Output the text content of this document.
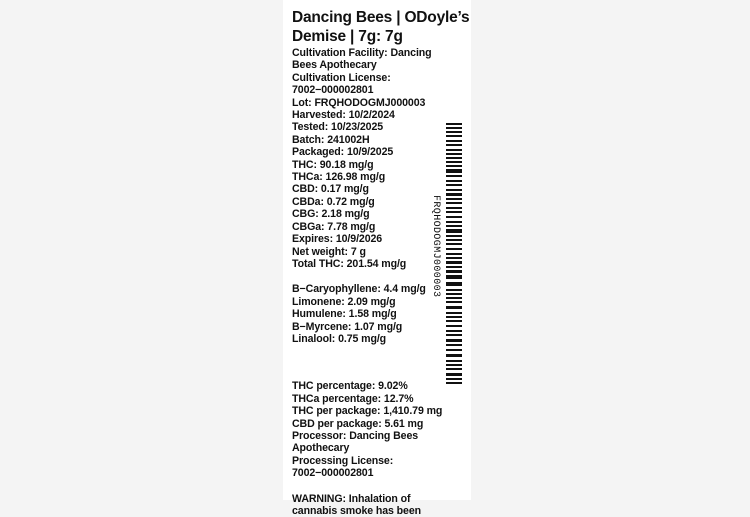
Dancing Bees | ODoyle’s
Demise | 7g: 7g
Cultivation Facility: Dancing
Bees Apothecary
Cultivation License:
7002−000002801
Lot: FRQHODOGMJ000003
Harvested: 10/2/2024
Tested: 10/23/2025
Batch: 241002H
Packaged: 10/9/2025
THC: 90.18 mg/g
THCa: 126.98 mg/g
CBD: 0.17 mg/g
CBDa: 0.72 mg/g
CBG: 2.18 mg/g
CBGa: 7.78 mg/g
Expires: 10/9/2026
Net weight: 7 g
Total THC: 201.54 mg/g
B−Caryophyllene: 4.4 mg/g
Limonene: 2.09 mg/g
Humulene: 1.58 mg/g
B−Myrcene: 1.07 mg/g
Linalool: 0.75 mg/g
THC percentage: 9.02%
THCa percentage: 12.7%
THC per package: 1,410.79 mg
CBD per package: 5.61 mg
Processor: Dancing Bees
Apothecary
Processing License:
7002−000002801
WARNING: Inhalation of
cannabis smoke has been
FRQHODOGMJ000003
